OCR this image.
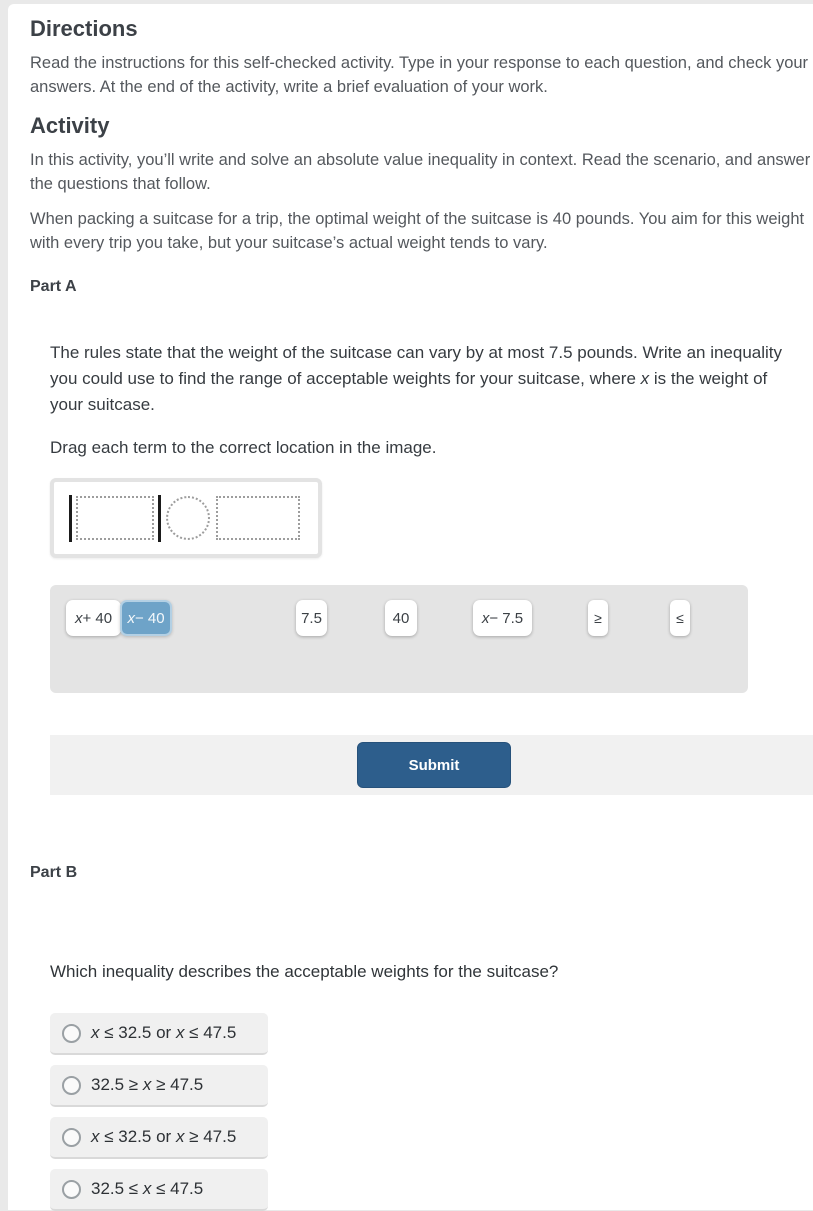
Directions

Read the instructions for this self-checked activity. Type in your response to each question, and check your answers. At the end of the activity, write a brief evaluation of your work.

Activity

In this activity, you’ll write and solve an absolute value inequality in context. Read the scenario, and answer the questions that follow.

When packing a suitcase for a trip, the optimal weight of the suitcase is 40 pounds. You aim for this weight with every trip you take, but your suitcase’s actual weight tends to vary.

Part A

The rules state that the weight of the suitcase can vary by at most 7.5 pounds. Write an inequality you could use to find the range of acceptable weights for your suitcase, where x is the weight of your suitcase.

Drag each term to the correct location in the image.

x + 40 x − 40	7.5	40	x − 7.5	≥	≤
Submit
Part B

Which inequality describes the acceptable weights for the suitcase?

x ≤ 32.5 or x ≤ 47.5
32.5 ≥ x ≥ 47.5
x ≤ 32.5 or x ≥ 47.5
32.5 ≤ x ≤ 47.5
